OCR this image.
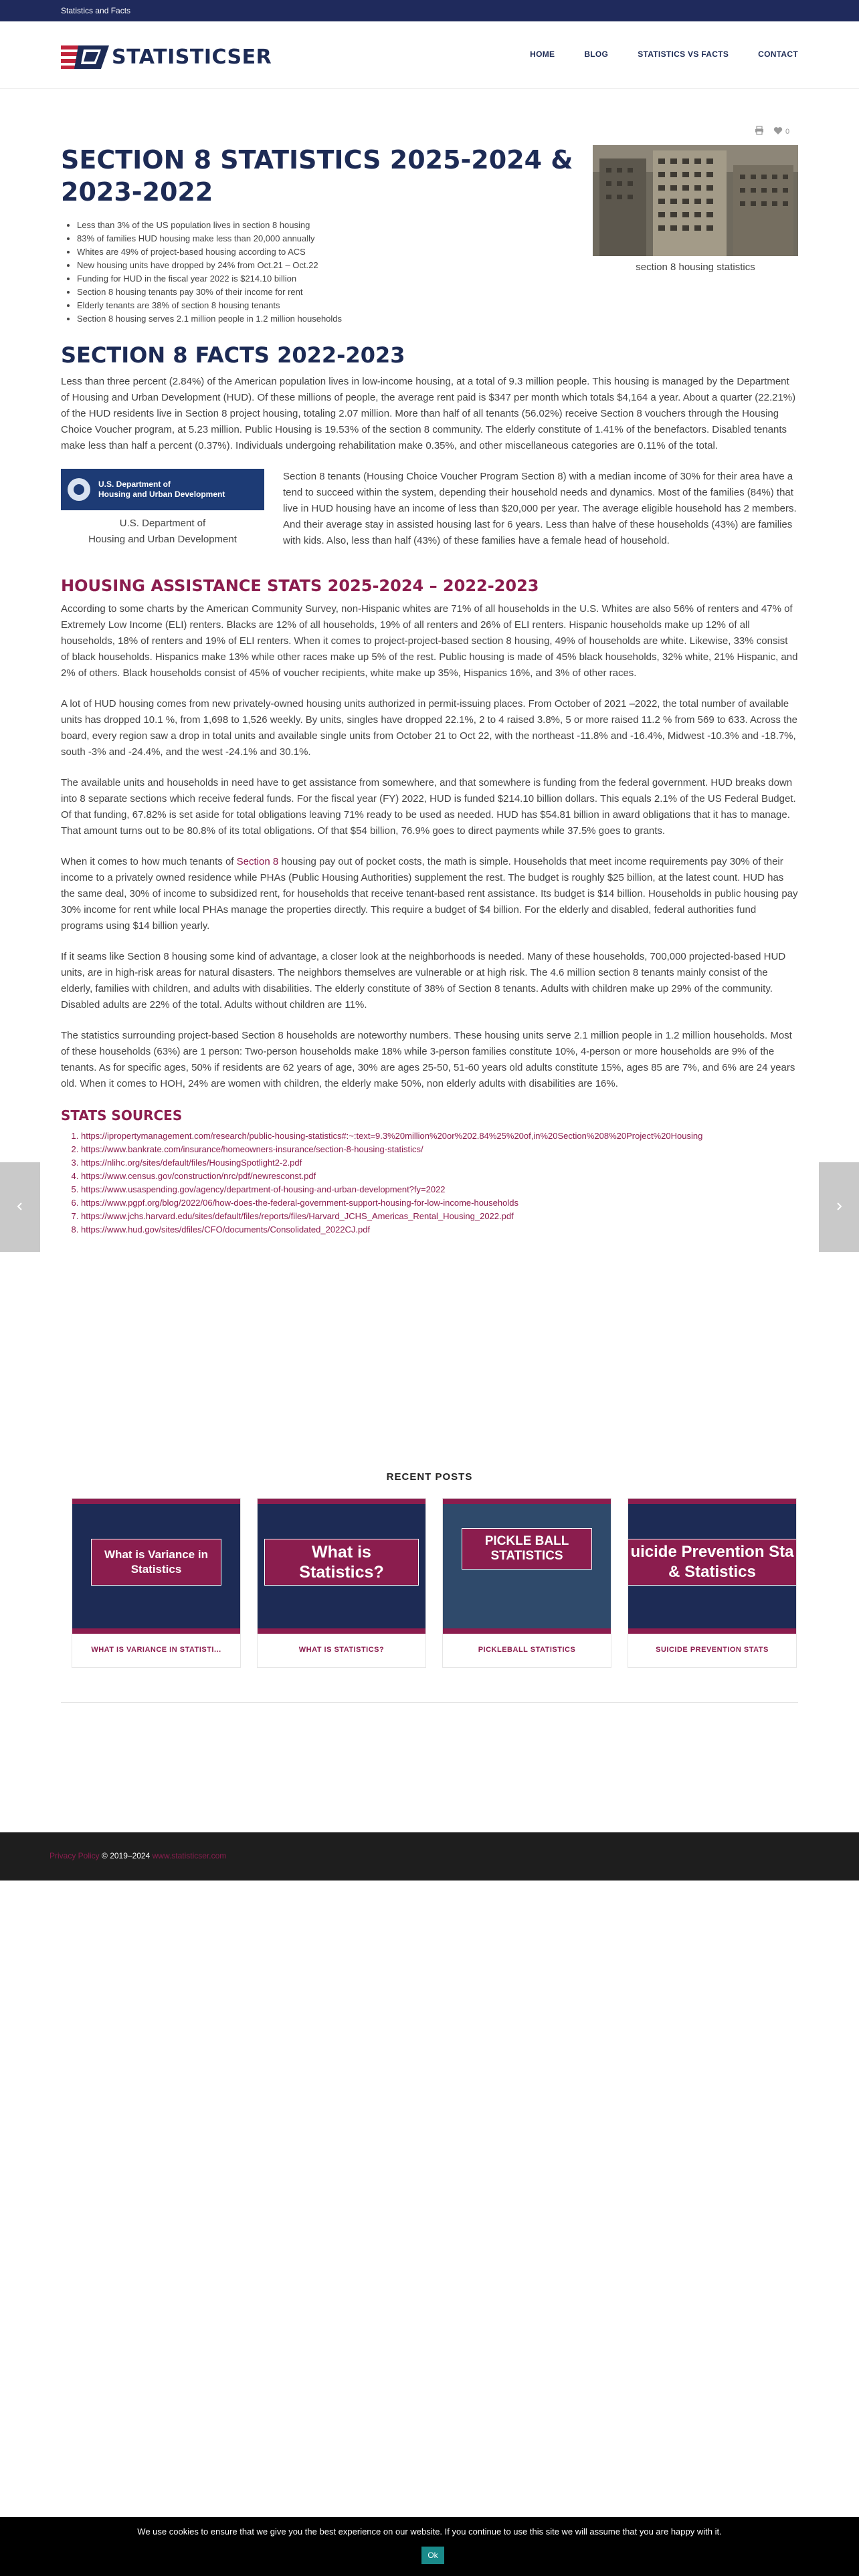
Statistics and Facts
STATISTICSER	HOME	BLOG	STATISTICS VS FACTS	CONTACT
0
SECTION 8 STATISTICS 2025-2024 & 2023-2022
section 8 housing statistics
• Less than 3% of the US population lives in section 8 housing
• 83% of families HUD housing make less than 20,000 annually
• Whites are 49% of project-based housing according to ACS
• New housing units have dropped by 24% from Oct.21 – Oct.22
• Funding for HUD in the fiscal year 2022 is $214.10 billion
• Section 8 housing tenants pay 30% of their income for rent
• Elderly tenants are 38% of section 8 housing tenants
• Section 8 housing serves 2.1 million people in 1.2 million households
SECTION 8 FACTS 2022-2023

Less than three percent (2.84%) of the American population lives in low-income housing, at a total of 9.3 million people. This housing is managed by the Department of Housing and Urban Development (HUD). Of these millions of people, the average rent paid is $347 per month which totals $4,164 a year. About a quarter (22.21%) of the HUD residents live in Section 8 project housing, totaling 2.07 million. More than half of all tenants (56.02%) receive Section 8 vouchers through the Housing Choice Voucher program, at 5.23 million. Public Housing is 19.53% of the section 8 community. The elderly constitute of 1.41% of the benefactors. Disabled tenants make less than half a percent (0.37%). Individuals undergoing rehabilitation make 0.35%, and other miscellaneous categories are 0.11% of the total.

U.S. Department of
Housing and Urban Development
U.S. Department of
Housing and Urban Development

Section 8 tenants (Housing Choice Voucher Program Section 8) with a median income of 30% for their area have a tend to succeed within the system, depending their household needs and dynamics. Most of the families (84%) that live in HUD housing have an income of less than $20,000 per year. The average eligible household has 2 members. And their average stay in assisted housing last for 6 years. Less than halve of these households (43%) are families with kids. Also, less than half (43%) of these families have a female head of household.

HOUSING ASSISTANCE STATS 2025-2024 – 2022-2023

According to some charts by the American Community Survey, non-Hispanic whites are 71% of all households in the U.S. Whites are also 56% of renters and 47% of Extremely Low Income (ELI) renters. Blacks are 12% of all households, 19% of all renters and 26% of ELI renters. Hispanic households make up 12% of all households, 18% of renters and 19% of ELI renters. When it comes to project-project-based section 8 housing, 49% of households are white. Likewise, 33% consist of black households. Hispanics make 13% while other races make up 5% of the rest. Public housing is made of 45% black households, 32% white, 21% Hispanic, and 2% of others. Black households consist of 45% of voucher recipients, white make up 35%, Hispanics 16%, and 3% of other races.

A lot of HUD housing comes from new privately-owned housing units authorized in permit-issuing places. From October of 2021 –2022, the total number of available units has dropped 10.1 %, from 1,698 to 1,526 weekly. By units, singles have dropped 22.1%, 2 to 4 raised 3.8%, 5 or more raised 11.2 % from 569 to 633. Across the board, every region saw a drop in total units and available single units from October 21 to Oct 22, with the northeast -11.8% and -16.4%, Midwest -10.3% and -18.7%, south -3% and -24.4%, and the west -24.1% and 30.1%.

The available units and households in need have to get assistance from somewhere, and that somewhere is funding from the federal government. HUD breaks down into 8 separate sections which receive federal funds. For the fiscal year (FY) 2022, HUD is funded $214.10 billion dollars. This equals 2.1% of the US Federal Budget. Of that funding, 67.82% is set aside for total obligations leaving 71% ready to be used as needed. HUD has $54.81 billion in award obligations that it has to manage. That amount turns out to be 80.8% of its total obligations. Of that $54 billion, 76.9% goes to direct payments while 37.5% goes to grants.

When it comes to how much tenants of Section 8 housing pay out of pocket costs, the math is simple. Households that meet income requirements pay 30% of their income to a privately owned residence while PHAs (Public Housing Authorities) supplement the rest. The budget is roughly $25 billion, at the latest count. HUD has the same deal, 30% of income to subsidized rent, for households that receive tenant-based rent assistance. Its budget is $14 billion. Households in public housing pay 30% income for rent while local PHAs manage the properties directly. This require a budget of $4 billion. For the elderly and disabled, federal authorities fund programs using $14 billion yearly.

If it seams like Section 8 housing some kind of advantage, a closer look at the neighborhoods is needed. Many of these households, 700,000 projected-based HUD units, are in high-risk areas for natural disasters. The neighbors themselves are vulnerable or at high risk. The 4.6 million section 8 tenants mainly consist of the elderly, families with children, and adults with disabilities. The elderly constitute of 38% of Section 8 tenants. Adults with children make up 29% of the community. Disabled adults are 22% of the total. Adults without children are 11%.

The statistics surrounding project-based Section 8 households are noteworthy numbers. These housing units serve 2.1 million people in 1.2 million households. Most of these households (63%) are 1 person: Two-person households make 18% while 3-person families constitute 10%, 4-person or more households are 9% of the tenants. As for specific ages, 50% if residents are 62 years of age, 30% are ages 25-50, 51-60 years old adults constitute 15%, ages 85 are 7%, and 6% are 24 years old. When it comes to HOH, 24% are women with children, the elderly make 50%, non elderly adults with disabilities are 16%.

STATS SOURCES
1. https://ipropertymanagement.com/research/public-housing-statistics#:~:text=9.3%20million%20or%202.84%25%20of,in%20Section%208%20Project%20Housing
2. https://www.bankrate.com/insurance/homeowners-insurance/section-8-housing-statistics/
3. https://nlihc.org/sites/default/files/HousingSpotlight2-2.pdf
4. https://www.census.gov/construction/nrc/pdf/newresconst.pdf
5. https://www.usaspending.gov/agency/department-of-housing-and-urban-development?fy=2022
6. https://www.pgpf.org/blog/2022/06/how-does-the-federal-government-support-housing-for-low-income-households
7. https://www.jchs.harvard.edu/sites/default/files/reports/files/Harvard_JCHS_Americas_Rental_Housing_2022.pdf
8. https://www.hud.gov/sites/dfiles/CFO/documents/Consolidated_2022CJ.pdf
RECENT POSTS
What is Variance in Statistics
WHAT IS VARIANCE IN STATISTI...
What is Statistics?
WHAT IS STATISTICS?
PICKLE BALL STATISTICS
PICKLEBALL STATISTICS
uicide Prevention Sta & Statistics
SUICIDE PREVENTION STATS
Privacy Policy © 2019–2024 www.statisticser.com
We use cookies to ensure that we give you the best experience on our website. If you continue to use this site we will assume that you are happy with it.
Ok
